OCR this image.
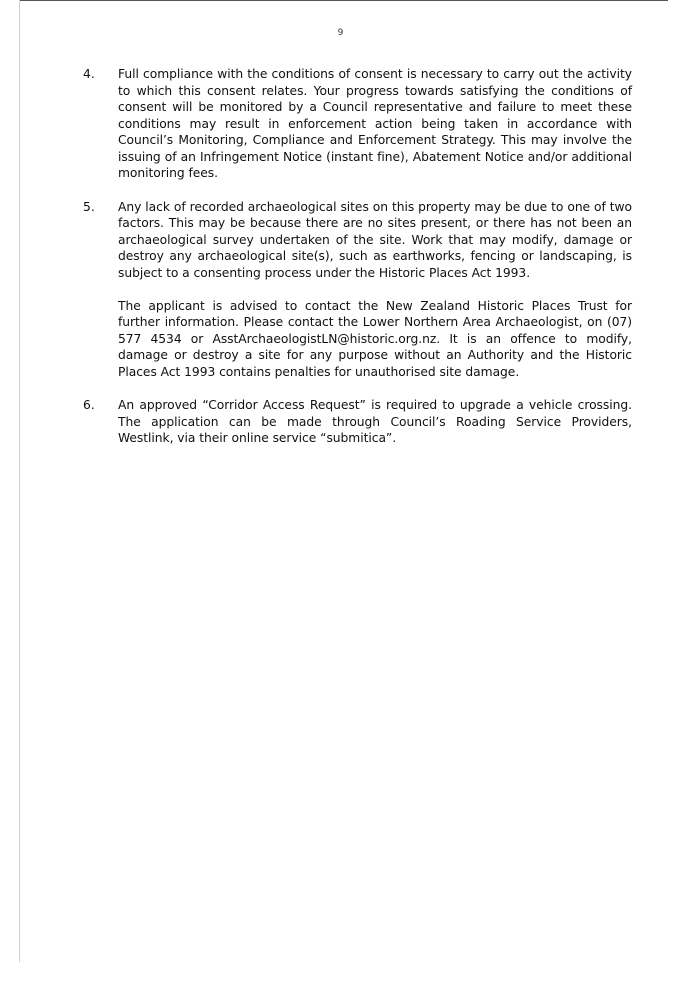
9
4. Full compliance with the conditions of consent is necessary to carry out the activity to which this consent relates. Your progress towards satisfying the conditions of consent will be monitored by a Council representative and failure to meet these conditions may result in enforcement action being taken in accordance with Council’s Monitoring, Compliance and Enforcement Strategy. This may involve the issuing of an Infringement Notice (instant fine), Abatement Notice and/or additional monitoring fees.

5. Any lack of recorded archaeological sites on this property may be due to one of two factors. This may be because there are no sites present, or there has not been an archaeological survey undertaken of the site. Work that may modify, damage or destroy any archaeological site(s), such as earthworks, fencing or landscaping, is subject to a consenting process under the Historic Places Act 1993.

The applicant is advised to contact the New Zealand Historic Places Trust for further information. Please contact the Lower Northern Area Archaeologist, on (07) 577 4534 or AsstArchaeologistLN@historic.org.nz. It is an offence to modify, damage or destroy a site for any purpose without an Authority and the Historic Places Act 1993 contains penalties for unauthorised site damage.

6. An approved “Corridor Access Request” is required to upgrade a vehicle crossing. The application can be made through Council’s Roading Service Providers, Westlink, via their online service “submitica”.
